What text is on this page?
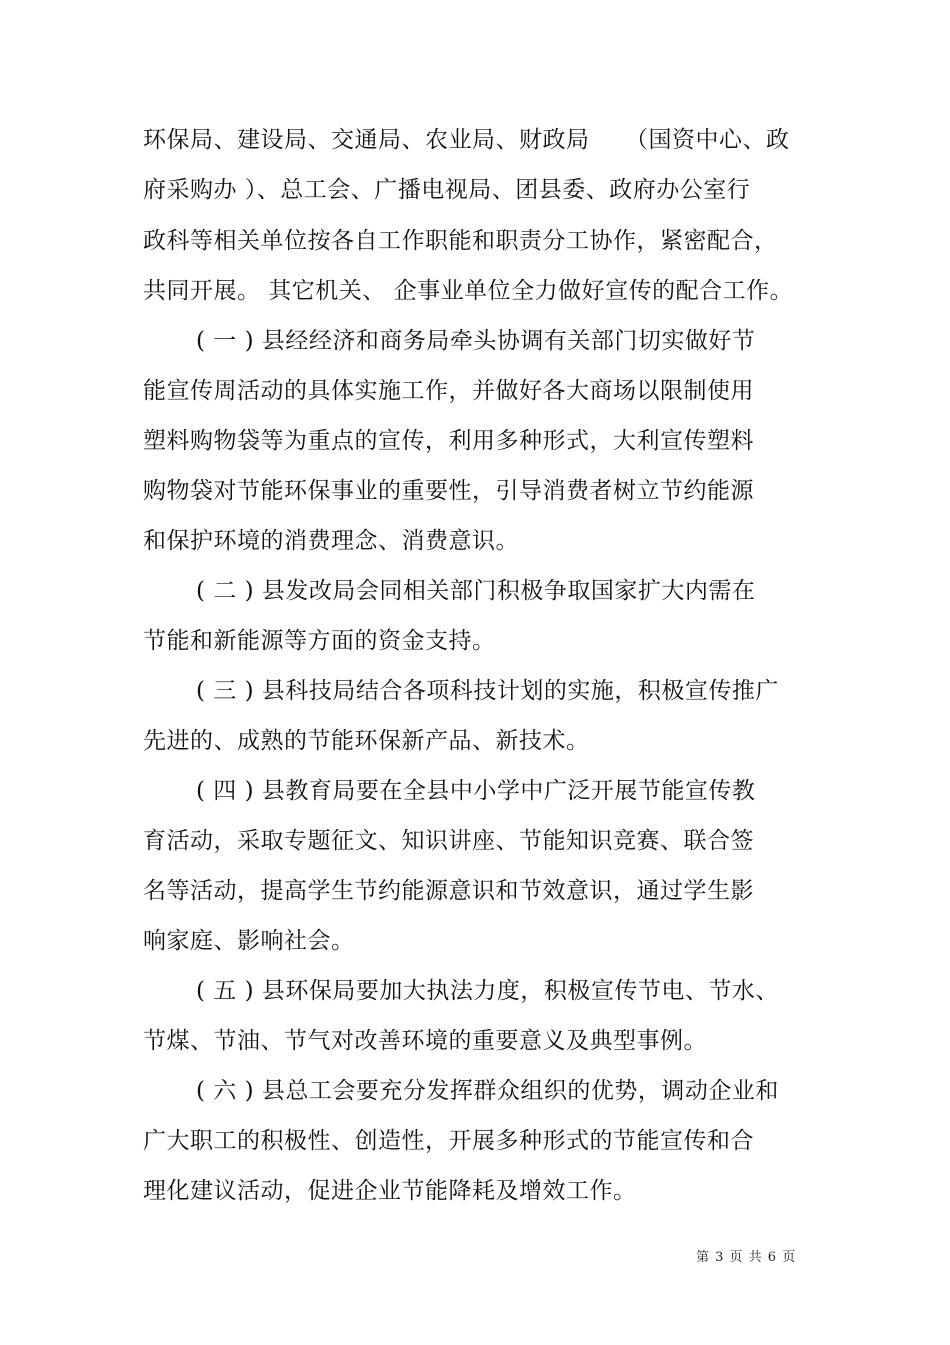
环保局、建设局、交通局、农业局、财政局　　（国资中心、政
府采购办 ）、总工会、广播电视局、团县委、政府办公室行
政科等相关单位按各自工作职能和职责分工协作，紧密配合，
共同开展。 其它机关、 企事业单位全力做好宣传的配合工作。
( 一 ) 县经经济和商务局牵头协调有关部门切实做好节
能宣传周活动的具体实施工作，并做好各大商场以限制使用
塑料购物袋等为重点的宣传，利用多种形式，大利宣传塑料
购物袋对节能环保事业的重要性，引导消费者树立节约能源
和保护环境的消费理念、消费意识。
( 二 ) 县发改局会同相关部门积极争取国家扩大内需在
节能和新能源等方面的资金支持。
( 三 ) 县科技局结合各项科技计划的实施，积极宣传推广
先进的、成熟的节能环保新产品、新技术。
( 四 ) 县教育局要在全县中小学中广泛开展节能宣传教
育活动，采取专题征文、知识讲座、节能知识竞赛、联合签
名等活动，提高学生节约能源意识和节效意识，通过学生影
响家庭、影响社会。
( 五 ) 县环保局要加大执法力度，积极宣传节电、节水、
节煤、节油、节气对改善环境的重要意义及典型事例。
( 六 ) 县总工会要充分发挥群众组织的优势，调动企业和
广大职工的积极性、创造性，开展多种形式的节能宣传和合
理化建议活动，促进企业节能降耗及增效工作。
第 3 页 共 6 页
